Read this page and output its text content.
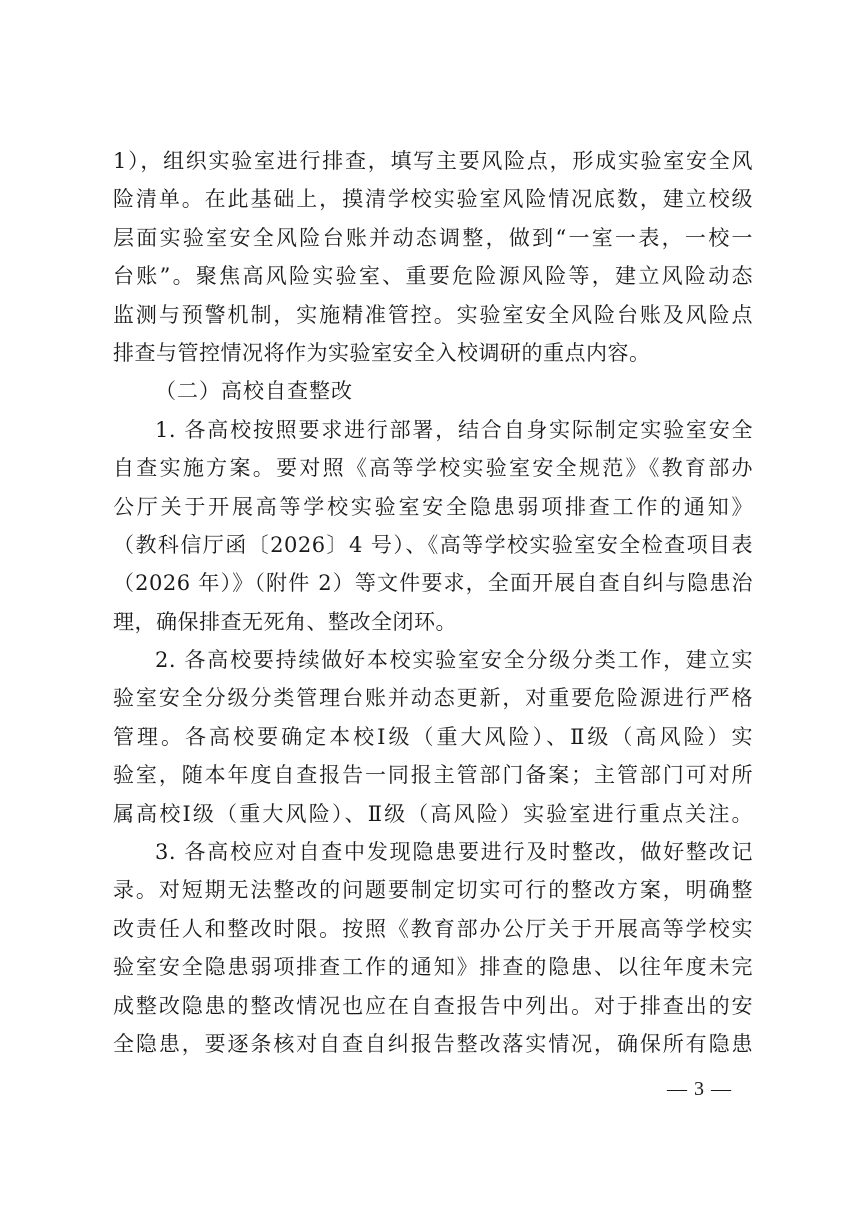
1），组织实验室进行排查，填写主要风险点，形成实验室安全风
险清单。在此基础上，摸清学校实验室风险情况底数，建立校级
层面实验室安全风险台账并动态调整，做到“一室一表，一校一
台账”。聚焦高风险实验室、重要危险源风险等，建立风险动态
监测与预警机制，实施精准管控。实验室安全风险台账及风险点
排查与管控情况将作为实验室安全入校调研的重点内容。
（二）高校自查整改
1. 各高校按照要求进行部署，结合自身实际制定实验室安全
自查实施方案。要对照《高等学校实验室安全规范》《教育部办
公厅关于开展高等学校实验室安全隐患弱项排查工作的通知》
（教科信厅函〔2026〕4 号）、《高等学校实验室安全检查项目表
（2026 年）》（附件 2）等文件要求，全面开展自查自纠与隐患治
理，确保排查无死角、整改全闭环。
2. 各高校要持续做好本校实验室安全分级分类工作，建立实
验室安全分级分类管理台账并动态更新，对重要危险源进行严格
管理。各高校要确定本校Ⅰ级（重大风险）、Ⅱ级（高风险）实
验室，随本年度自查报告一同报主管部门备案；主管部门可对所
属高校Ⅰ级（重大风险）、Ⅱ级（高风险）实验室进行重点关注。
3. 各高校应对自查中发现隐患要进行及时整改，做好整改记
录。对短期无法整改的问题要制定切实可行的整改方案，明确整
改责任人和整改时限。按照《教育部办公厅关于开展高等学校实
验室安全隐患弱项排查工作的通知》排查的隐患、以往年度未完
成整改隐患的整改情况也应在自查报告中列出。对于排查出的安
全隐患，要逐条核对自查自纠报告整改落实情况，确保所有隐患
— 3 —
